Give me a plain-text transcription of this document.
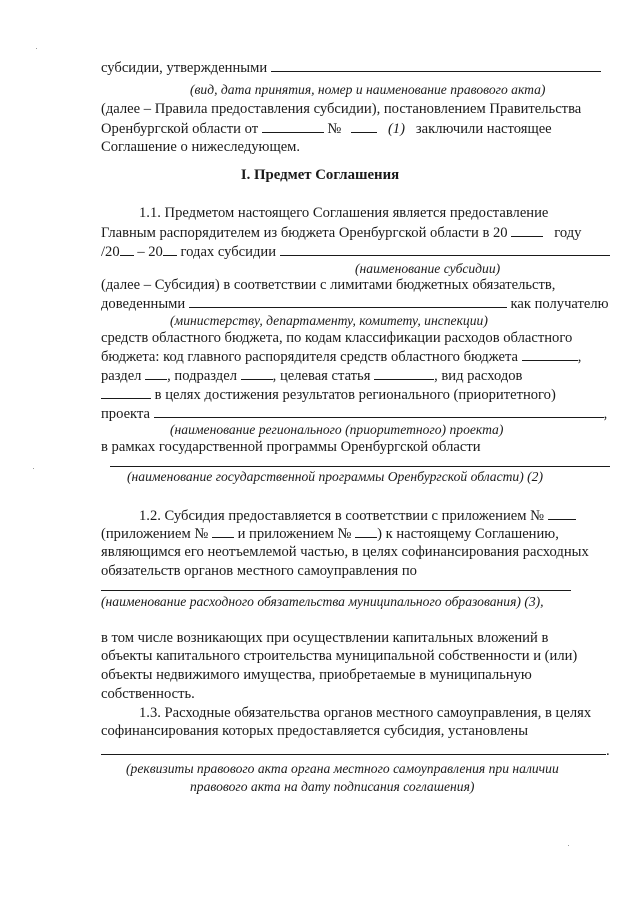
субсидии, утвержденными
(вид, дата принятия, номер и наименование правового акта)
(далее – Правила предоставления субсидии), постановлением Правительства
Оренбургской области от	№	(1) заключили настоящее
Соглашение о нижеследующем.
I. Предмет Соглашения
1.1. Предметом настоящего Соглашения является предоставление
Главным распорядителем из бюджета Оренбургской области в 20	году
/20 – 20 годах субсидии
(наименование субсидии)
(далее – Субсидия) в соответствии с лимитами бюджетных обязательств,
доведенными	как получателю
(министерству, департаменту, комитету, инспекции)
средств областного бюджета, по кодам классификации расходов областного
бюджета: код главного распорядителя средств областного бюджета	,
раздел , подраздел , целевая статья	, вид расходов
в целях достижения результатов регионального (приоритетного)
проекта	,
(наименование регионального (приоритетного) проекта)
в рамках государственной программы Оренбургской области
(наименование государственной программы Оренбургской области) (2)
1.2. Субсидия предоставляется в соответствии с приложением №
(приложением № и приложением № ) к настоящему Соглашению,
являющимся его неотъемлемой частью, в целях софинансирования расходных
обязательств органов местного самоуправления по
(наименование расходного обязательства муниципального образования) (3),
в том числе возникающих при осуществлении капитальных вложений в
объекты капитального строительства муниципальной собственности и (или)
объекты недвижимого имущества, приобретаемые в муниципальную
собственность.
1.3. Расходные обязательства органов местного самоуправления, в целях
софинансирования которых предоставляется субсидия, установлены
.
(реквизиты правового акта органа местного самоуправления при наличии
правового акта на дату подписания соглашения)
